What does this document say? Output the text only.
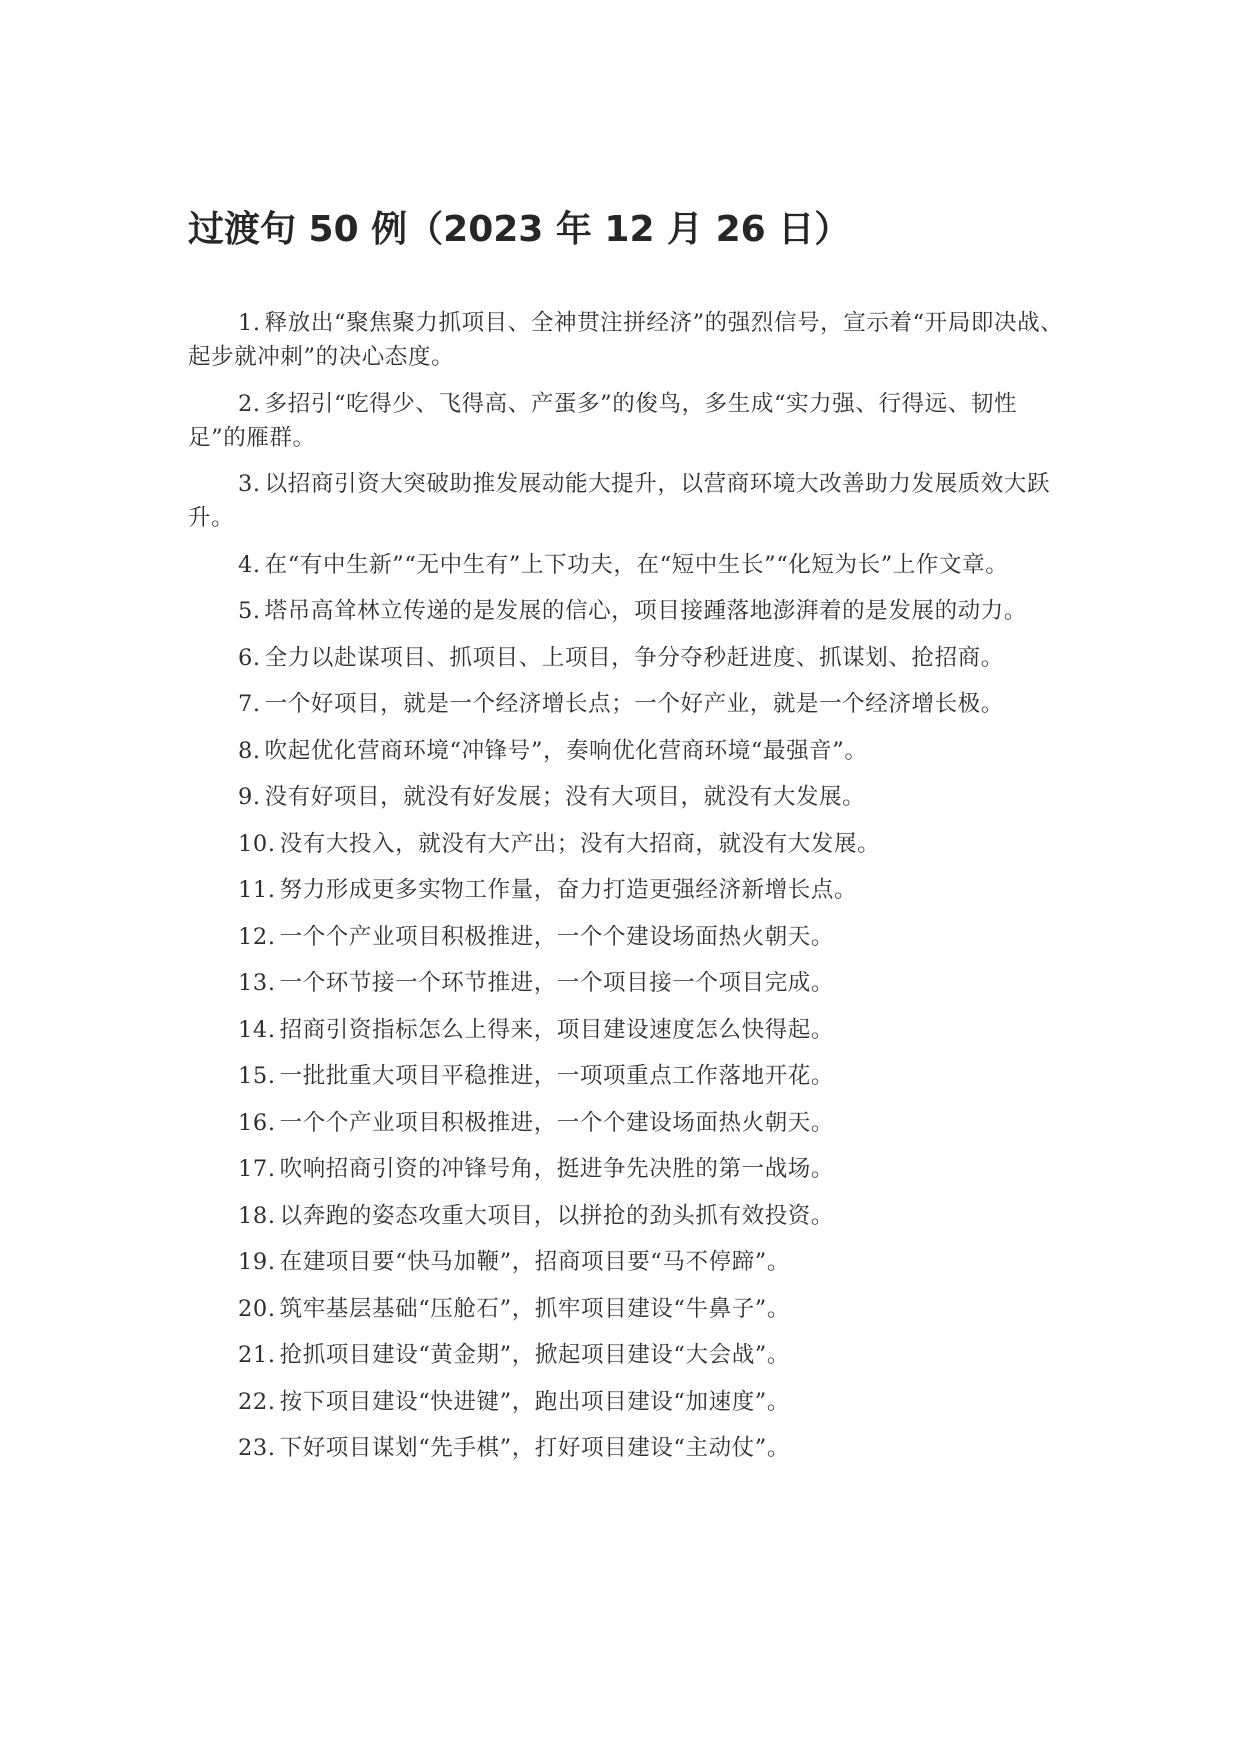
过渡句 50 例（2023 年 12 月 26 日）
1. 释放出“聚焦聚力抓项目、全神贯注拼经济”的强烈信号，宣示着“开局即决战、起步就冲刺”的决心态度。
2. 多招引“吃得少、飞得高、产蛋多”的俊鸟，多生成“实力强、行得远、韧性足”的雁群。
3. 以招商引资大突破助推发展动能大提升，以营商环境大改善助力发展质效大跃升。
4. 在“有中生新”“无中生有”上下功夫，在“短中生长”“化短为长”上作文章。
5. 塔吊高耸林立传递的是发展的信心，项目接踵落地澎湃着的是发展的动力。
6. 全力以赴谋项目、抓项目、上项目，争分夺秒赶进度、抓谋划、抢招商。
7. 一个好项目，就是一个经济增长点；一个好产业，就是一个经济增长极。
8. 吹起优化营商环境“冲锋号”，奏响优化营商环境“最强音”。
9. 没有好项目，就没有好发展；没有大项目，就没有大发展。
10. 没有大投入，就没有大产出；没有大招商，就没有大发展。
11. 努力形成更多实物工作量，奋力打造更强经济新增长点。
12. 一个个产业项目积极推进，一个个建设场面热火朝天。
13. 一个环节接一个环节推进，一个项目接一个项目完成。
14. 招商引资指标怎么上得来，项目建设速度怎么快得起。
15. 一批批重大项目平稳推进，一项项重点工作落地开花。
16. 一个个产业项目积极推进，一个个建设场面热火朝天。
17. 吹响招商引资的冲锋号角，挺进争先决胜的第一战场。
18. 以奔跑的姿态攻重大项目，以拼抢的劲头抓有效投资。
19. 在建项目要“快马加鞭”，招商项目要“马不停蹄”。
20. 筑牢基层基础“压舱石”，抓牢项目建设“牛鼻子”。
21. 抢抓项目建设“黄金期”，掀起项目建设“大会战”。
22. 按下项目建设“快进键”，跑出项目建设“加速度”。
23. 下好项目谋划“先手棋”，打好项目建设“主动仗”。
